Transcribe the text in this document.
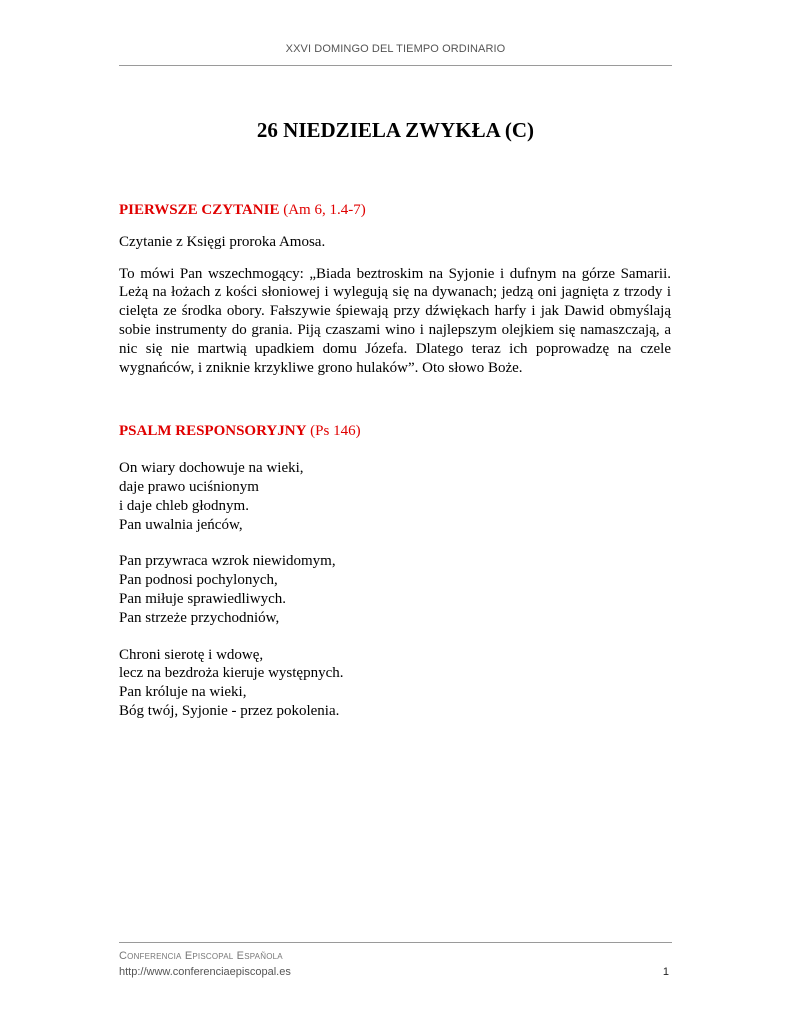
XXVI DOMINGO DEL TIEMPO ORDINARIO
26 NIEDZIELA ZWYKŁA (C)

PIERWSZE CZYTANIE (Am 6, 1.4-7)

Czytanie z Księgi proroka Amosa.

To mówi Pan wszechmogący: „Biada beztroskim na Syjonie i dufnym na górze Samarii. Leżą na łożach z kości słoniowej i wylegują się na dywanach; jedzą oni jagnięta z trzody i cielęta ze środka obory. Fałszywie śpiewają przy dźwiękach harfy i jak Dawid obmyślają sobie instrumenty do grania. Piją czaszami wino i najlepszym olejkiem się namaszczają, a nic się nie martwią upadkiem domu Józefa. Dlatego teraz ich poprowadzę na czele wygnańców, i zniknie krzykliwe grono hulaków”. Oto słowo Boże.

PSALM RESPONSORYJNY (Ps 146)

On wiary dochowuje na wieki,
daje prawo uciśnionym
i daje chleb głodnym.
Pan uwalnia jeńców,
Pan przywraca wzrok niewidomym,
Pan podnosi pochylonych,
Pan miłuje sprawiedliwych.
Pan strzeże przychodniów,
Chroni sierotę i wdowę,
lecz na bezdroża kieruje występnych.
Pan króluje na wieki,
Bóg twój, Syjonie - przez pokolenia.
Conferencia Episcopal Española
http://www.conferenciaepiscopal.es	1
